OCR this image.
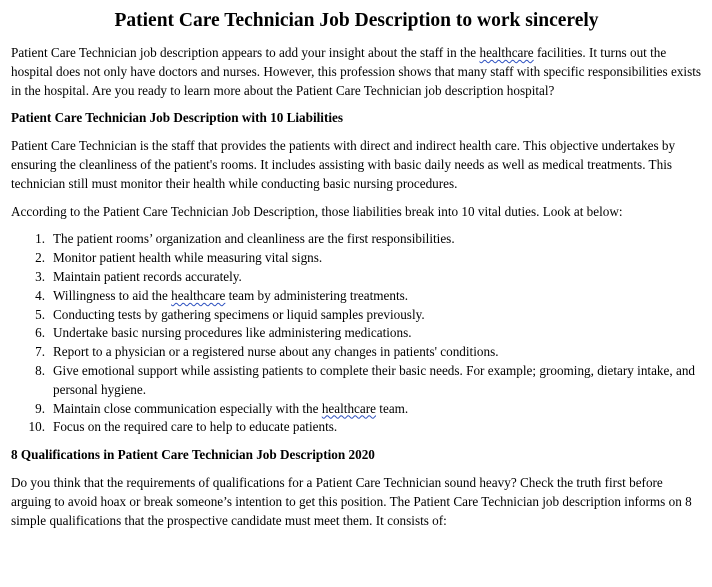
Patient Care Technician Job Description to work sincerely

Patient Care Technician job description appears to add your insight about the staff in the healthcare facilities. It turns out the hospital does not only have doctors and nurses. However, this profession shows that many staff with specific responsibilities exists in the hospital. Are you ready to learn more about the Patient Care Technician job description hospital?

Patient Care Technician Job Description with 10 Liabilities

Patient Care Technician is the staff that provides the patients with direct and indirect health care. This objective undertakes by ensuring the cleanliness of the patient's rooms. It includes assisting with basic daily needs as well as medical treatments. This technician still must monitor their health while conducting basic nursing procedures.

According to the Patient Care Technician Job Description, those liabilities break into 10 vital duties. Look at below:

1. The patient rooms’ organization and cleanliness are the first responsibilities.
2. Monitor patient health while measuring vital signs.
3. Maintain patient records accurately.
4. Willingness to aid the healthcare team by administering treatments.
5. Conducting tests by gathering specimens or liquid samples previously.
6. Undertake basic nursing procedures like administering medications.
7. Report to a physician or a registered nurse about any changes in patients' conditions.
8. Give emotional support while assisting patients to complete their basic needs. For example; grooming, dietary intake, and personal hygiene.
9. Maintain close communication especially with the healthcare team.
10. Focus on the required care to help to educate patients.
8 Qualifications in Patient Care Technician Job Description 2020

Do you think that the requirements of qualifications for a Patient Care Technician sound heavy? Check the truth first before arguing to avoid hoax or break someone’s intention to get this position. The Patient Care Technician job description informs on 8 simple qualifications that the prospective candidate must meet them. It consists of:
